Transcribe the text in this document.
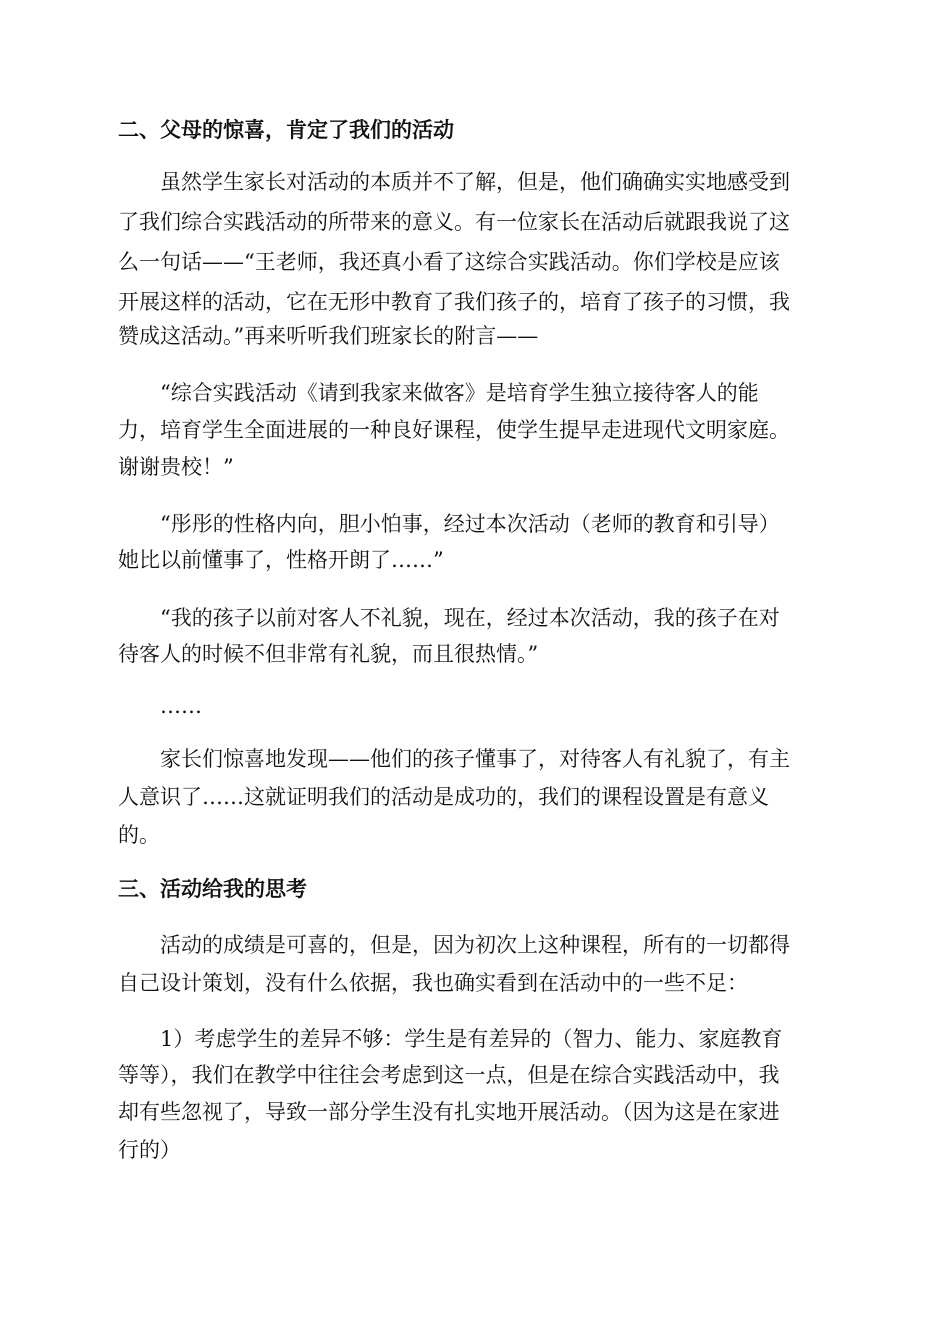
二、父母的惊喜，肯定了我们的活动
虽然学生家长对活动的本质并不了解，但是，他们确确实实地感受到
了我们综合实践活动的所带来的意义。有一位家长在活动后就跟我说了这
么一句话——“王老师，我还真小看了这综合实践活动。你们学校是应该
开展这样的活动，它在无形中教育了我们孩子的，培育了孩子的习惯，我
赞成这活动。”再来听听我们班家长的附言——
“综合实践活动《请到我家来做客》是培育学生独立接待客人的能
力，培育学生全面进展的一种良好课程，使学生提早走进现代文明家庭。
谢谢贵校！”
“彤彤的性格内向，胆小怕事，经过本次活动（老师的教育和引导）
她比以前懂事了，性格开朗了……”
“我的孩子以前对客人不礼貌，现在，经过本次活动，我的孩子在对
待客人的时候不但非常有礼貌，而且很热情。”
……
家长们惊喜地发现——他们的孩子懂事了，对待客人有礼貌了，有主
人意识了……这就证明我们的活动是成功的，我们的课程设置是有意义
的。
三、活动给我的思考
活动的成绩是可喜的，但是，因为初次上这种课程，所有的一切都得
自己设计策划，没有什么依据，我也确实看到在活动中的一些不足：
1）考虑学生的差异不够：学生是有差异的（智力、能力、家庭教育
等等），我们在教学中往往会考虑到这一点，但是在综合实践活动中，我
却有些忽视了，导致一部分学生没有扎实地开展活动。（因为这是在家进
行的）
